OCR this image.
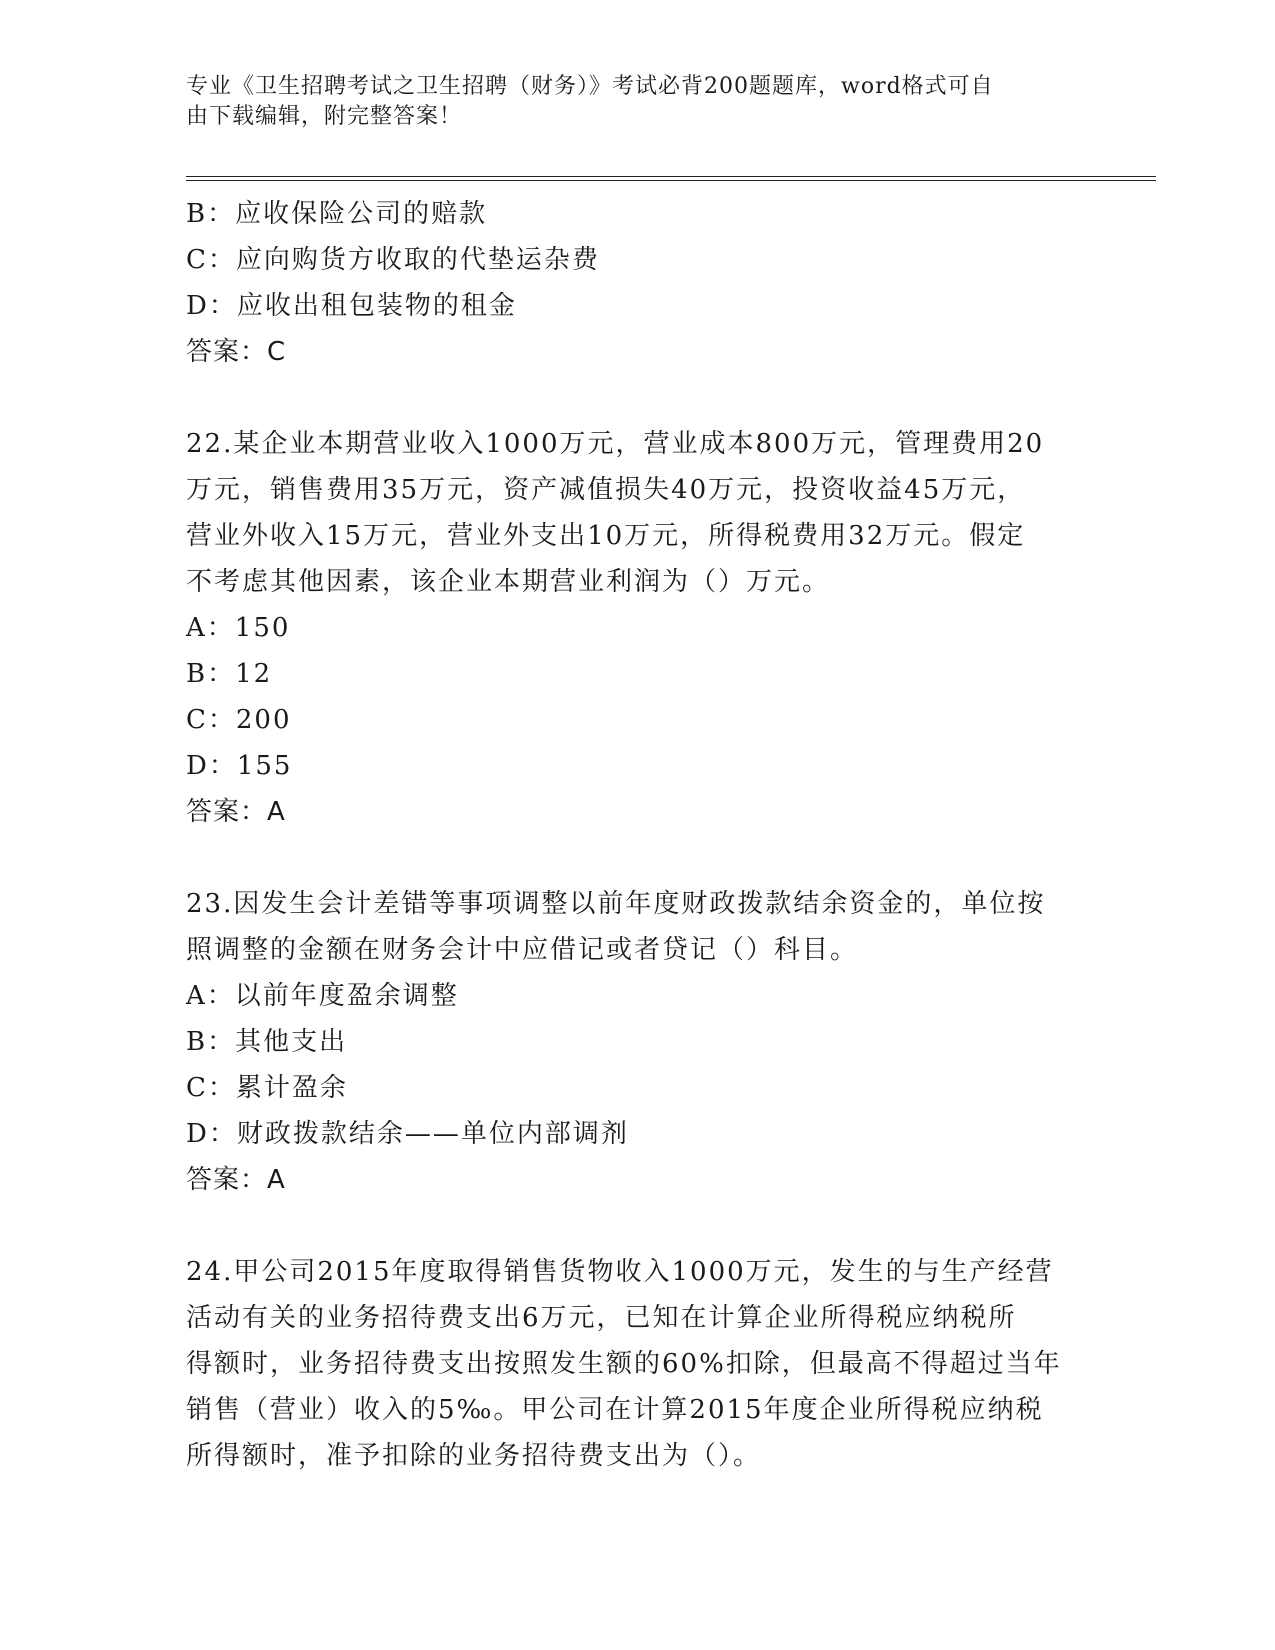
专业《卫生招聘考试之卫生招聘（财务）》考试必背200题题库，word格式可自
由下载编辑，附完整答案！
B：应收保险公司的赔款
C：应向购货方收取的代垫运杂费
D：应收出租包装物的租金
答案：C
22.某企业本期营业收入1000万元，营业成本800万元，管理费用20
万元，销售费用35万元，资产减值损失40万元，投资收益45万元，
营业外收入15万元，营业外支出10万元，所得税费用32万元。假定
不考虑其他因素，该企业本期营业利润为（）万元。
A：150
B：12
C：200
D：155
答案：A
23.因发生会计差错等事项调整以前年度财政拨款结余资金的，单位按
照调整的金额在财务会计中应借记或者贷记（）科目。
A：以前年度盈余调整
B：其他支出
C：累计盈余
D：财政拨款结余——单位内部调剂
答案：A
24.甲公司2015年度取得销售货物收入1000万元，发生的与生产经营
活动有关的业务招待费支出6万元，已知在计算企业所得税应纳税所
得额时，业务招待费支出按照发生额的60%扣除，但最高不得超过当年
销售（营业）收入的5‰。甲公司在计算2015年度企业所得税应纳税
所得额时，准予扣除的业务招待费支出为（）。
